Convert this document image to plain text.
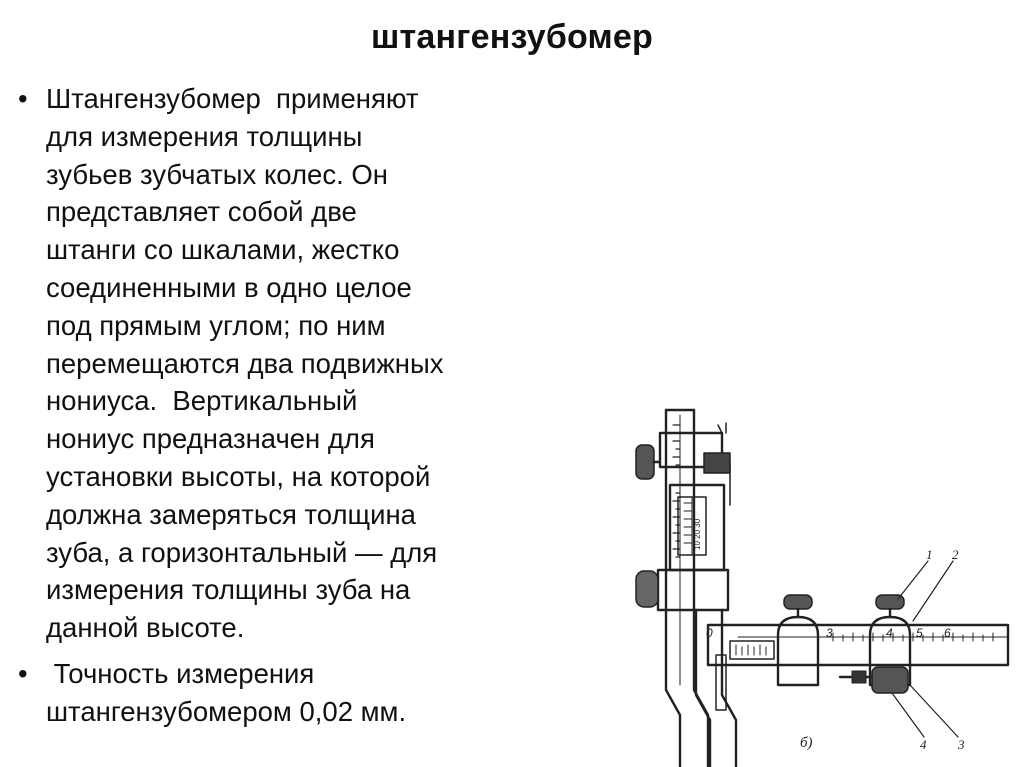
штангензубомер
• Штангензубомер  применяют
для измерения толщины
зубьев зубчатых колес. Он
представляет собой две
штанги со шкалами, жестко
соединенными в одно целое
под прямым углом; по ним
перемещаются два подвижных
нониуса.  Вертикальный
нониус предназначен для
установки высоты, на которой
должна замеряться толщина
зуба, а горизонтальный — для
измерения толщины зуба на
данной высоте.
• Точность измерения
штангензубомером 0,02 мм.
10 20 30
0	3	4 5 6
1 2
4 3
б)
